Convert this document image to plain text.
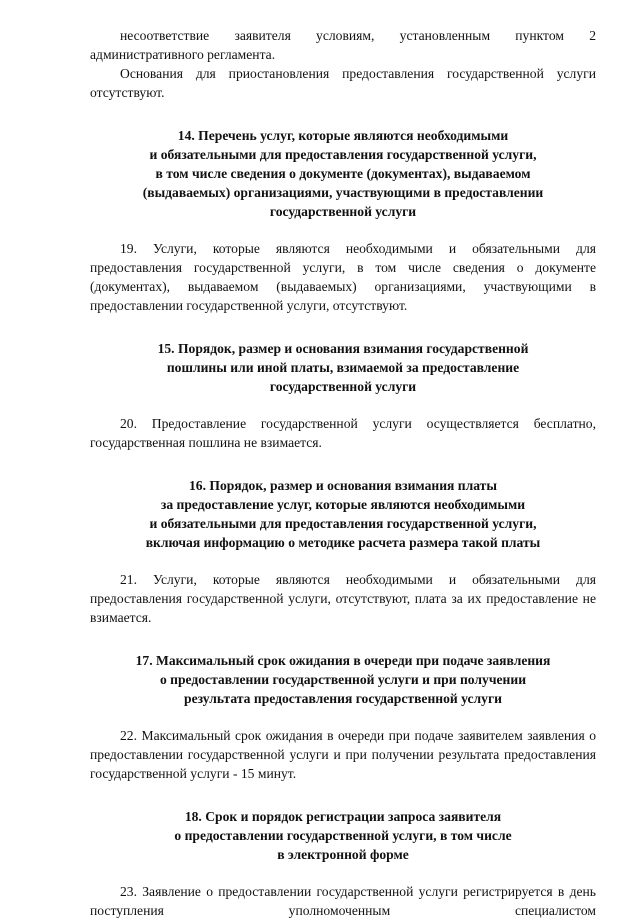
несоответствие заявителя условиям, установленным пунктом 2 административного регламента.

Основания для приостановления предоставления государственной услуги отсутствуют.

14. Перечень услуг, которые являются необходимыми
и обязательными для предоставления государственной услуги,
в том числе сведения о документе (документах), выдаваемом
(выдаваемых) организациями, участвующими в предоставлении
государственной услуги

19. Услуги, которые являются необходимыми и обязательными для предоставления государственной услуги, в том числе сведения о документе (документах), выдаваемом (выдаваемых) организациями, участвующими в предоставлении государственной услуги, отсутствуют.

15. Порядок, размер и основания взимания государственной
пошлины или иной платы, взимаемой за предоставление
государственной услуги

20. Предоставление государственной услуги осуществляется бесплатно, государственная пошлина не взимается.

16. Порядок, размер и основания взимания платы
за предоставление услуг, которые являются необходимыми
и обязательными для предоставления государственной услуги,
включая информацию о методике расчета размера такой платы

21. Услуги, которые являются необходимыми и обязательными для предоставления государственной услуги, отсутствуют, плата за их предоставление не взимается.

17. Максимальный срок ожидания в очереди при подаче заявления
о предоставлении государственной услуги и при получении
результата предоставления государственной услуги

22. Максимальный срок ожидания в очереди при подаче заявителем заявления о предоставлении государственной услуги и при получении результата предоставления государственной услуги - 15 минут.

18. Срок и порядок регистрации запроса заявителя
о предоставлении государственной услуги, в том числе
в электронной форме

23. Заявление о предоставлении государственной услуги регистрируется в день поступления уполномоченным специалистом
